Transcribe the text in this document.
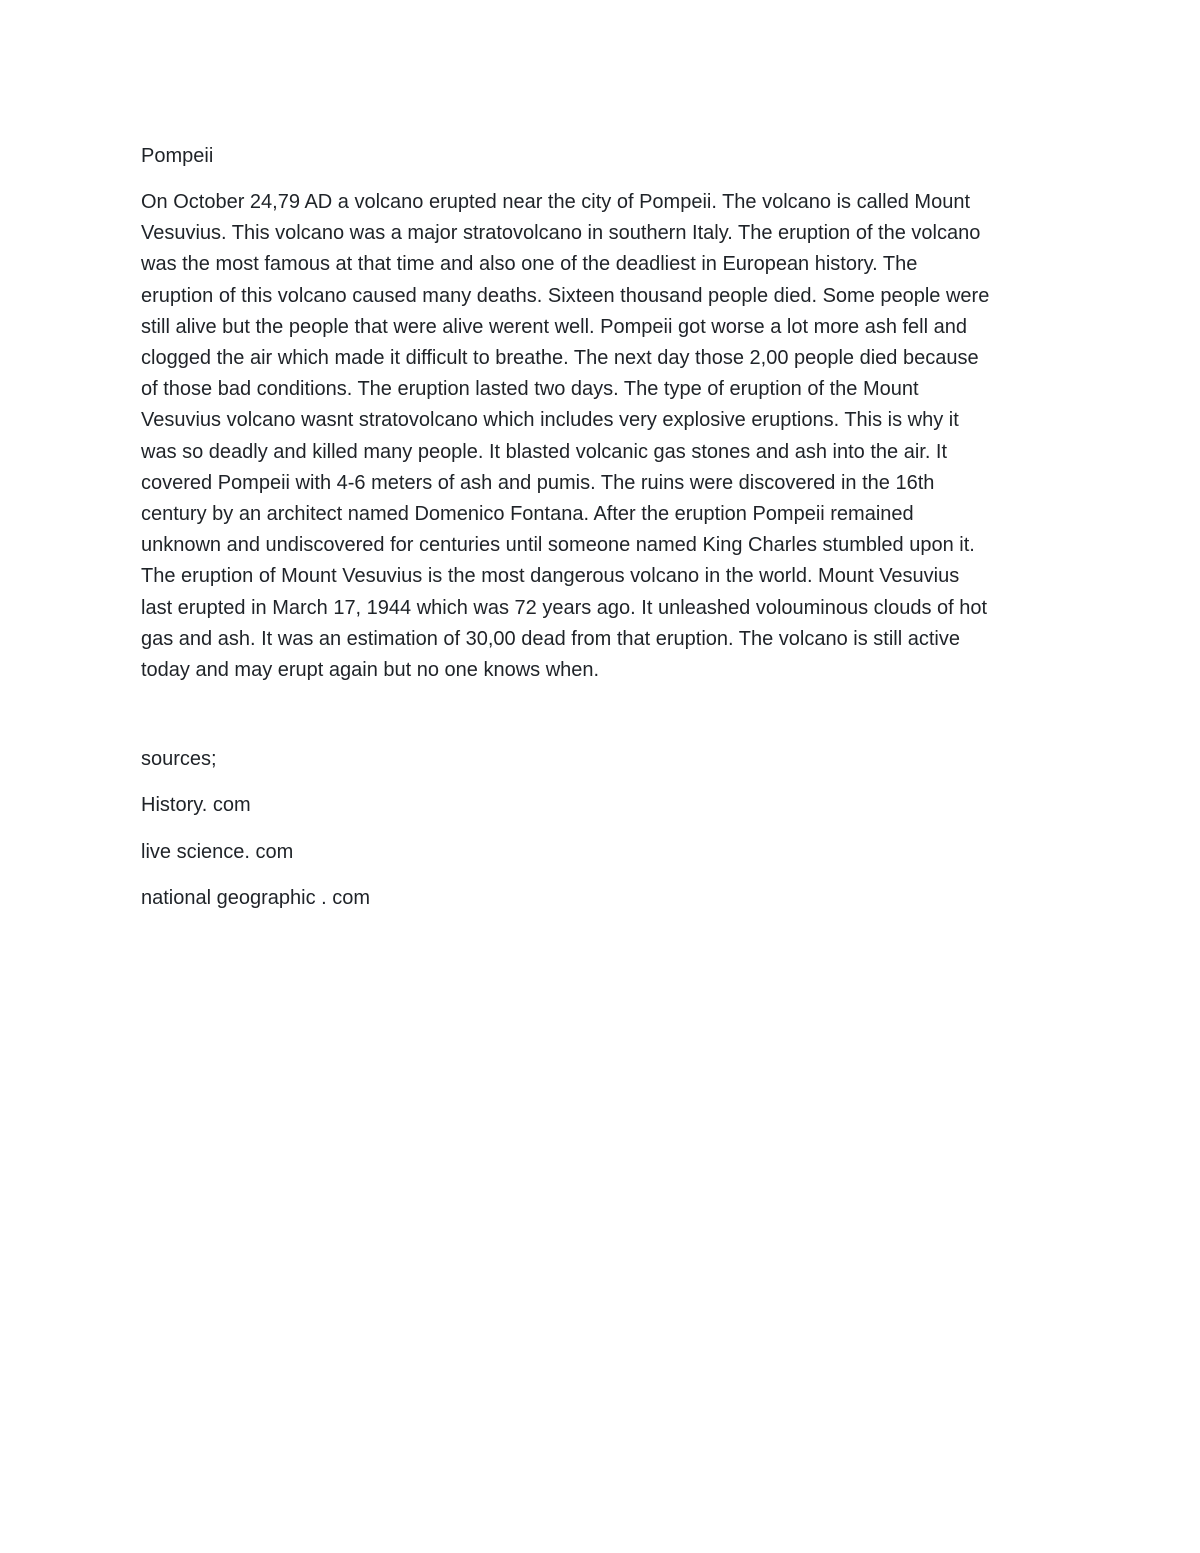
Pompeii

On October 24,79 AD a volcano erupted near the city of Pompeii. The volcano is called Mount
Vesuvius. This volcano was a major stratovolcano in southern Italy. The eruption of the volcano
was the most famous at that time and also one of the deadliest in European history. The
eruption of this volcano caused many deaths. Sixteen thousand people died. Some people were
still alive but the people that were alive werent well. Pompeii got worse a lot more ash fell and
clogged the air which made it difficult to breathe. The next day those 2,00 people died because
of those bad conditions. The eruption lasted two days. The type of eruption of the Mount
Vesuvius volcano wasnt stratovolcano which includes very explosive eruptions. This is why it
was so deadly and killed many people. It blasted volcanic gas stones and ash into the air. It
covered Pompeii with 4-6 meters of ash and pumis. The ruins were discovered in the 16th
century by an architect named Domenico Fontana. After the eruption Pompeii remained
unknown and undiscovered for centuries until someone named King Charles stumbled upon it.
The eruption of Mount Vesuvius is the most dangerous volcano in the world. Mount Vesuvius
last erupted in March 17, 1944 which was 72 years ago. It unleashed volouminous clouds of hot
gas and ash. It was an estimation of 30,00 dead from that eruption. The volcano is still active
today and may erupt again but no one knows when.

sources;

History. com

live science. com

national geographic . com
